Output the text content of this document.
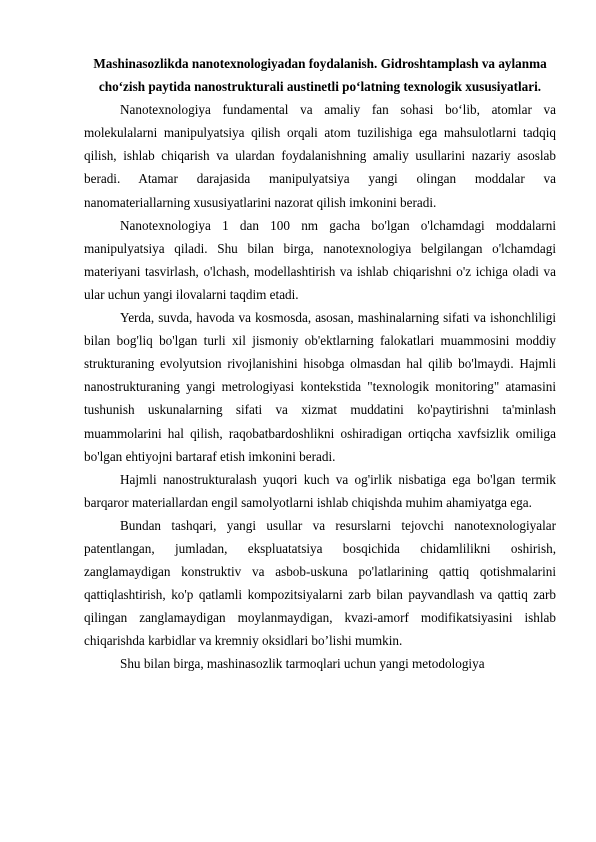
Mashinasozlikda nanotexnologiyadan foydalanish. Gidroshtamplash va aylanma cho‘zish paytida nanostrukturali austinetli po‘latning texnologik xususiyatlari.

Nanotexnologiya fundamental va amaliy fan sohasi bo‘lib, atomlar va molekulalarni manipulyatsiya qilish orqali atom tuzilishiga ega mahsulotlarni tadqiq qilish, ishlab chiqarish va ulardan foydalanishning amaliy usullarini nazariy asoslab beradi. Atamar darajasida manipulyatsiya yangi olingan moddalar va nanomateriallarning xususiyatlarini nazorat qilish imkonini beradi.

Nanotexnologiya 1 dan 100 nm gacha bo'lgan o'lchamdagi moddalarni manipulyatsiya qiladi. Shu bilan birga, nanotexnologiya belgilangan o'lchamdagi materiyani tasvirlash, o'lchash, modellashtirish va ishlab chiqarishni o'z ichiga oladi va ular uchun yangi ilovalarni taqdim etadi.

Yerda, suvda, havoda va kosmosda, asosan, mashinalarning sifati va ishonchliligi bilan bog'liq bo'lgan turli xil jismoniy ob'ektlarning falokatlari muammosini moddiy strukturaning evolyutsion rivojlanishini hisobga olmasdan hal qilib bo'lmaydi. Hajmli nanostrukturaning yangi metrologiyasi kontekstida "texnologik monitoring" atamasini tushunish uskunalarning sifati va xizmat muddatini ko'paytirishni ta'minlash muammolarini hal qilish, raqobatbardoshlikni oshiradigan ortiqcha xavfsizlik omiliga bo'lgan ehtiyojni bartaraf etish imkonini beradi.

Hajmli nanostrukturalash yuqori kuch va og'irlik nisbatiga ega bo'lgan termik barqaror materiallardan engil samolyotlarni ishlab chiqishda muhim ahamiyatga ega.

Bundan tashqari, yangi usullar va resurslarni tejovchi nanotexnologiyalar patentlangan, jumladan, ekspluatatsiya bosqichida chidamlilikni oshirish, zanglamaydigan konstruktiv va asbob-uskuna po'latlarining qattiq qotishmalarini qattiqlashtirish, ko'p qatlamli kompozitsiyalarni zarb bilan payvandlash va qattiq zarb qilingan zanglamaydigan moylanmaydigan, kvazi-amorf modifikatsiyasini ishlab chiqarishda karbidlar va kremniy oksidlari bo’lishi mumkin.

Shu bilan birga, mashinasozlik tarmoqlari uchun yangi metodologiya
